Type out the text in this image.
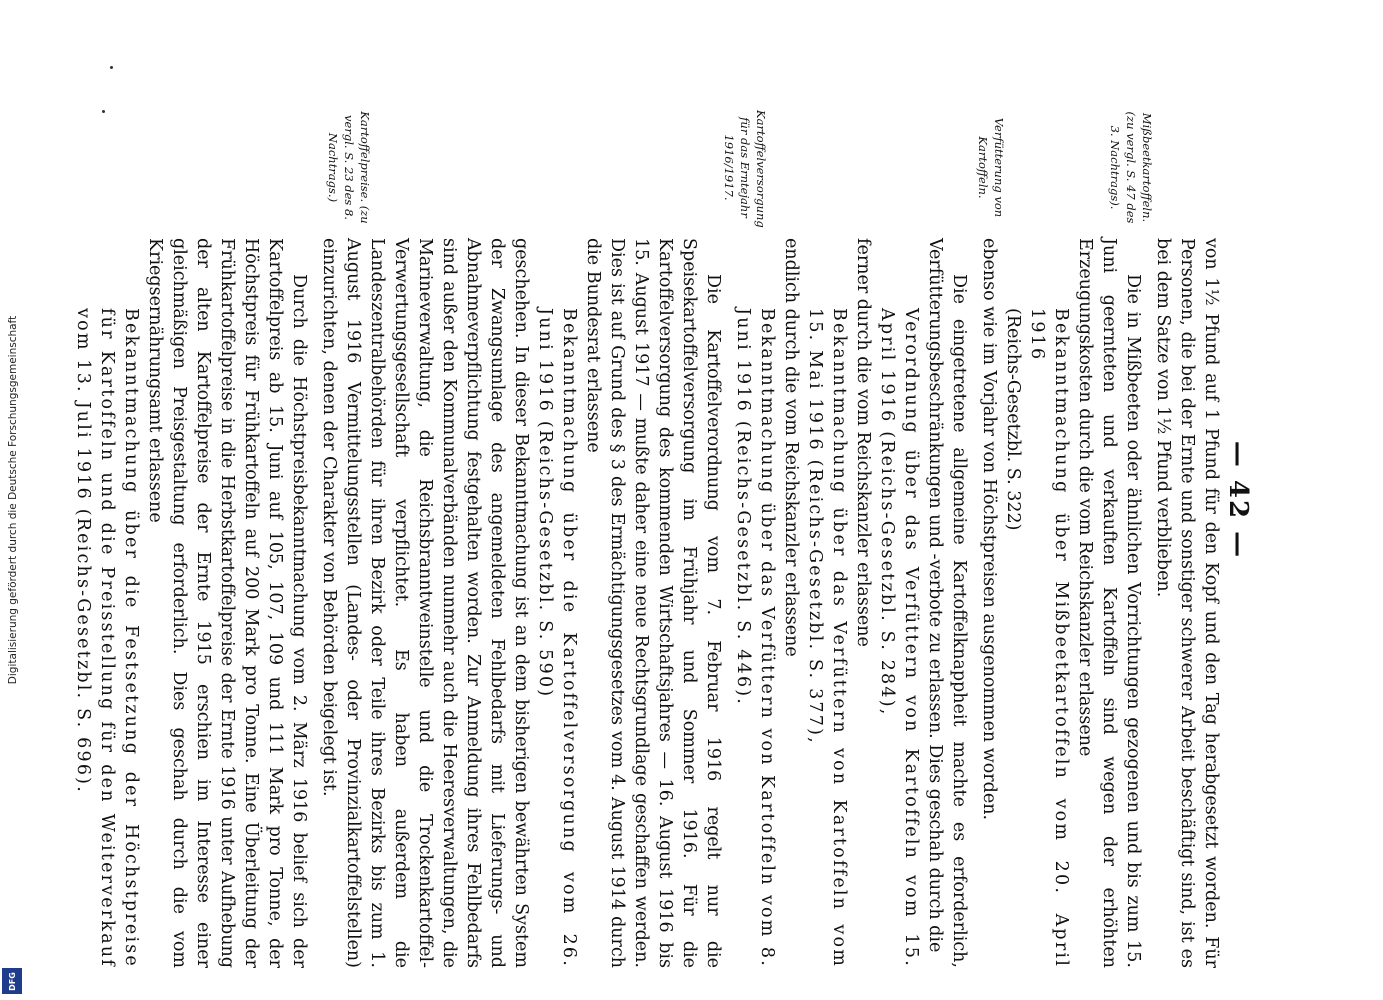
— 42 —
Mißbeetkartoffeln. (zu vergl. S. 47 des 3. Nachtrags).
Verfütterung von Kartoffeln.
Kartoffelversorgung für das Erntejahr 1916/1917.
Kartoffelpreise. (zu vergl. S. 23 des 8. Nachtrags.)

von 1½ Pfund auf 1 Pfund für den Kopf und den Tag herabgesetzt worden. Für Personen, die bei der Ernte und sonstiger schwerer Arbeit beschäftigt sind, ist es bei dem Satze von 1½ Pfund verblieben.

Die in Mißbeeten oder ähnlichen Vorrichtungen gezogenen und bis zum 15. Juni geernteten und verkauften Kartoffeln sind wegen der erhöhten Erzeugungskosten durch die vom Reichskanzler erlassene

Bekanntmachung über Mißbeetkartoffeln vom 20. April 1916

(Reichs-Gesetzbl. S. 322)

ebenso wie im Vorjahr von Höchstpreisen ausgenommen worden.

Die eingetretene allgemeine Kartoffelknappheit machte es erforderlich, Verfütterungsbeschränkungen und -verbote zu erlassen. Dies geschah durch die

Verordnung über das Verfüttern von Kartoffeln vom 15. April 1916 (Reichs-Gesetzbl. S. 284),

ferner durch die vom Reichskanzler erlassene

Bekanntmachung über das Verfüttern von Kartoffeln vom 15. Mai 1916 (Reichs-Gesetzbl. S. 377),

endlich durch die vom Reichskanzler erlassene

Bekanntmachung über das Verfüttern von Kartoffeln vom 8. Juni 1916 (Reichs-Gesetzbl. S. 446).

Die Kartoffelverordnung vom 7. Februar 1916 regelt nur die Speisekartoffelversorgung im Frühjahr und Sommer 1916. Für die Kartoffelversorgung des kommenden Wirtschaftsjahres — 16. August 1916 bis 15. August 1917 — mußte daher eine neue Rechtsgrundlage geschaffen werden. Dies ist auf Grund des § 3 des Ermächtigungsgesetzes vom 4. August 1914 durch die Bundesrat erlassene

Bekanntmachung über die Kartoffelversorgung vom 26. Juni 1916 (Reichs-Gesetzbl. S. 590)

geschehen. In dieser Bekanntmachung ist an dem bisherigen bewährten System der Zwangsumlage des angemeldeten Fehlbedarfs mit Lieferungs- und Abnahmeverpflichtung festgehalten worden. Zur Anmeldung ihres Fehlbedarfs sind außer den Kommunalverbänden nunmehr auch die Heeresverwaltungen, die Marineverwaltung, die Reichsbranntweinstelle und die Trockenkartoffel-Verwertungsgesellschaft verpflichtet. Es haben außerdem die Landeszentralbehörden für ihren Bezirk oder Teile ihres Bezirks bis zum 1. August 1916 Vermittelungsstellen (Landes- oder Provinzialkartoffelstellen) einzurichten, denen der Charakter von Behörden beigelegt ist.

Durch die Höchstpreisbekanntmachung vom 2. März 1916 belief sich der Kartoffelpreis ab 15. Juni auf 105, 107, 109 und 111 Mark pro Tonne, der Höchstpreis für Frühkartoffeln auf 200 Mark pro Tonne. Eine Überleitung der Frühkartoffelpreise in die Herbstkartoffelpreise der Ernte 1916 unter Aufhebung der alten Kartoffelpreise der Ernte 1915 erschien im Interesse einer gleichmäßigen Preisgestaltung erforderlich. Dies geschah durch die vom Kriegsernährungsamt erlassene

Bekanntmachung über die Festsetzung der Höchstpreise für Kartoffeln und die Preisstellung für den Weiterverkauf vom 13. Juli 1916 (Reichs-Gesetzbl. S. 696).

Digitalisierung gefördert durch die Deutsche Forschungsgemeinschaft
DFG
